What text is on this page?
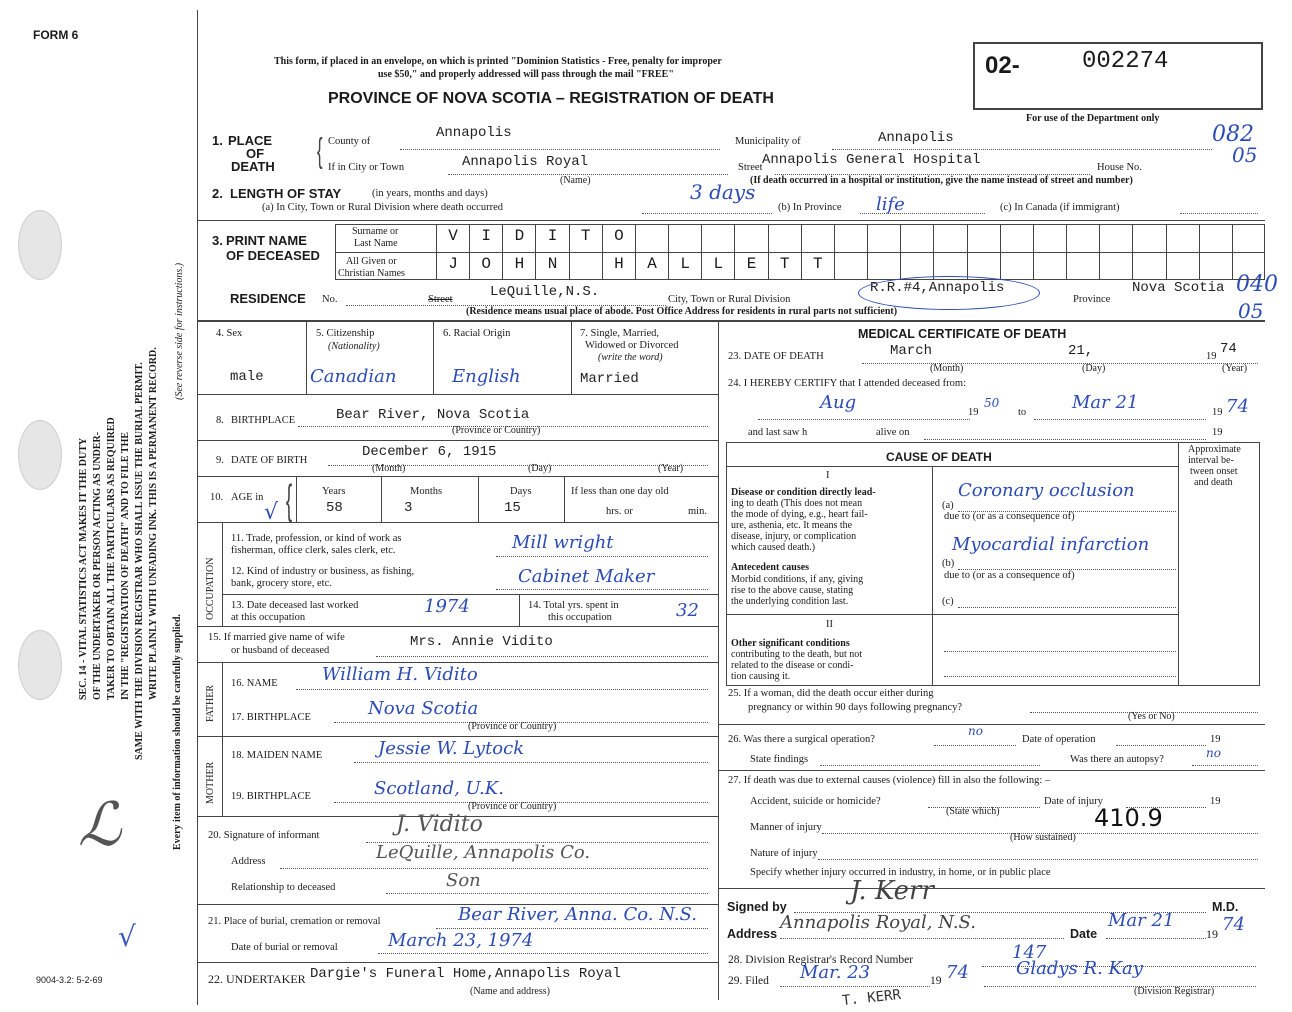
FORM 6
9004-3.2: 5-2-69
ℒ
√
SEC. 14 - VITAL STATISTICS ACT MAKES IT THE DUTY OF THE UNDERTAKER OR PERSON ACTING AS UNDER- TAKER TO OBTAIN ALL THE PARTICULARS AS REQUIRED IN THE "REGISTRATION OF DEATH" AND TO FILE THE SAME WITH THE DIVISION REGISTRAR WHO SHALL ISSUE THE BURIAL PERMIT. WRITE PLAINLY WITH UNFADING INK. THIS IS A PERMANENT RECORD.
Every item of information should be carefully supplied.
(See reverse side for instructions.)
This form, if placed in an envelope, on which is printed "Dominion Statistics - Free, penalty for improper
use $50," and properly addressed will pass through the mail "FREE"
PROVINCE OF NOVA SCOTIA – REGISTRATION OF DEATH
02-	002274
For use of the Department only
082
05
040
05
1. PLACE
OF
DEATH { County of
Annapolis
Municipality of	Annapolis
If in City or Town	Annapolis Royal
(Name)
Street Annapolis General Hospital	House No.
(If death occurred in a hospital or institution, give the name instead of street and number)
2. LENGTH OF STAY	(in years, months and days)
(a) In City, Town or Rural Division where death occurred
3 days
(b) In Province life	(c) In Canada (if immigrant)
3. PRINT NAME
OF DECEASED
Surname or
Last Name
All Given or
Christian Names
V	I	D	I	T	O
J	O	H	N	H	A	L	L	E	T	T
RESIDENCE No.	Street	LeQuille,N.S.	City, Town or Rural Division
R.R.#4,Annapolis
Province
Nova Scotia
(Residence means usual place of abode. Post Office Address for residents in rural parts not sufficient)
4. Sex
male
5. Citizenship
(Nationality)
Canadian
6. Racial Origin
English
7. Single, Married,
Widowed or Divorced
(write the word)
Married
8. BIRTHPLACE	Bear River, Nova Scotia
(Province or Country)
9. DATE OF BIRTH
December 6, 1915
(Month)	(Day)	(Year)
10. AGE in
√ {	Years
58
Months
3
Days
15
If less than one day old
hrs. or	min.
OCCUPATION
11. Trade, profession, or kind of work as
fisherman, office clerk, sales clerk, etc.	Mill wright
12. Kind of industry or business, as fishing,
bank, grocery store, etc.	Cabinet Maker
13. Date deceased last worked
at this occupation
1974	14. Total yrs. spent in
this occupation	32
15. If married give name of wife
or husband of deceased
Mrs. Annie Vidito
FATHER
16. NAME William H. Vidito
17. BIRTHPLACE	Nova Scotia
(Province or Country)
MOTHER
18. MAIDEN NAME	Jessie W. Lytock
19. BIRTHPLACE	Scotland, U.K.
(Province or Country)
20. Signature of informant	J. Vidito
Address	LeQuille, Annapolis Co.
Relationship to deceased	Son
21. Place of burial, cremation or removal	Bear River, Anna. Co. N.S.
Date of burial or removal	March 23, 1974
22. UNDERTAKER Dargie's Funeral Home,Annapolis Royal
(Name and address)
MEDICAL CERTIFICATE OF DEATH
23. DATE OF DEATH	March	21,	19 74
(Month)	(Day)	(Year)
24. I HEREBY CERTIFY that I attended deceased from:
Aug	19
50
to	Mar 21	19 74
and last saw h	alive on	19
CAUSE OF DEATH
Approximate
interval be-
tween onset
and death
I
Disease or condition directly lead-
ing to death (This does not mean
the mode of dying, e.g., heart fail-
ure, asthenia, etc. It means the
disease, injury, or complication
which caused death.)
(a)
Coronary occlusion
due to (or as a consequence of)
(b)
Myocardial infarction
due to (or as a consequence of)
(c)
Antecedent causes
Morbid conditions, if any, giving
rise to the above cause, stating
the underlying condition last.
II
Other significant conditions
contributing to the death, but not
related to the disease or condi-
tion causing it.
25. If a woman, did the death occur either during
pregnancy or within 90 days following pregnancy?
(Yes or No)
26. Was there a surgical operation?
no
Date of operation	19
State findings	Was there an autopsy?	no
27. If death was due to external causes (violence) fill in also the following: –
Accident, suicide or homicide?
(State which)
Date of injury	19
Manner of injury	410.9
(How sustained)
Nature of injury
Specify whether injury occurred in industry, in home, or in public place
Signed by
J. Kerr
M.D.
Address
Annapolis Royal, N.S.
Date
Mar 21
19 74
28. Division Registrar's Record Number	147
29. Filed Mar. 23	19 74	Gladys R. Kay
(Division Registrar)
T. KERR
